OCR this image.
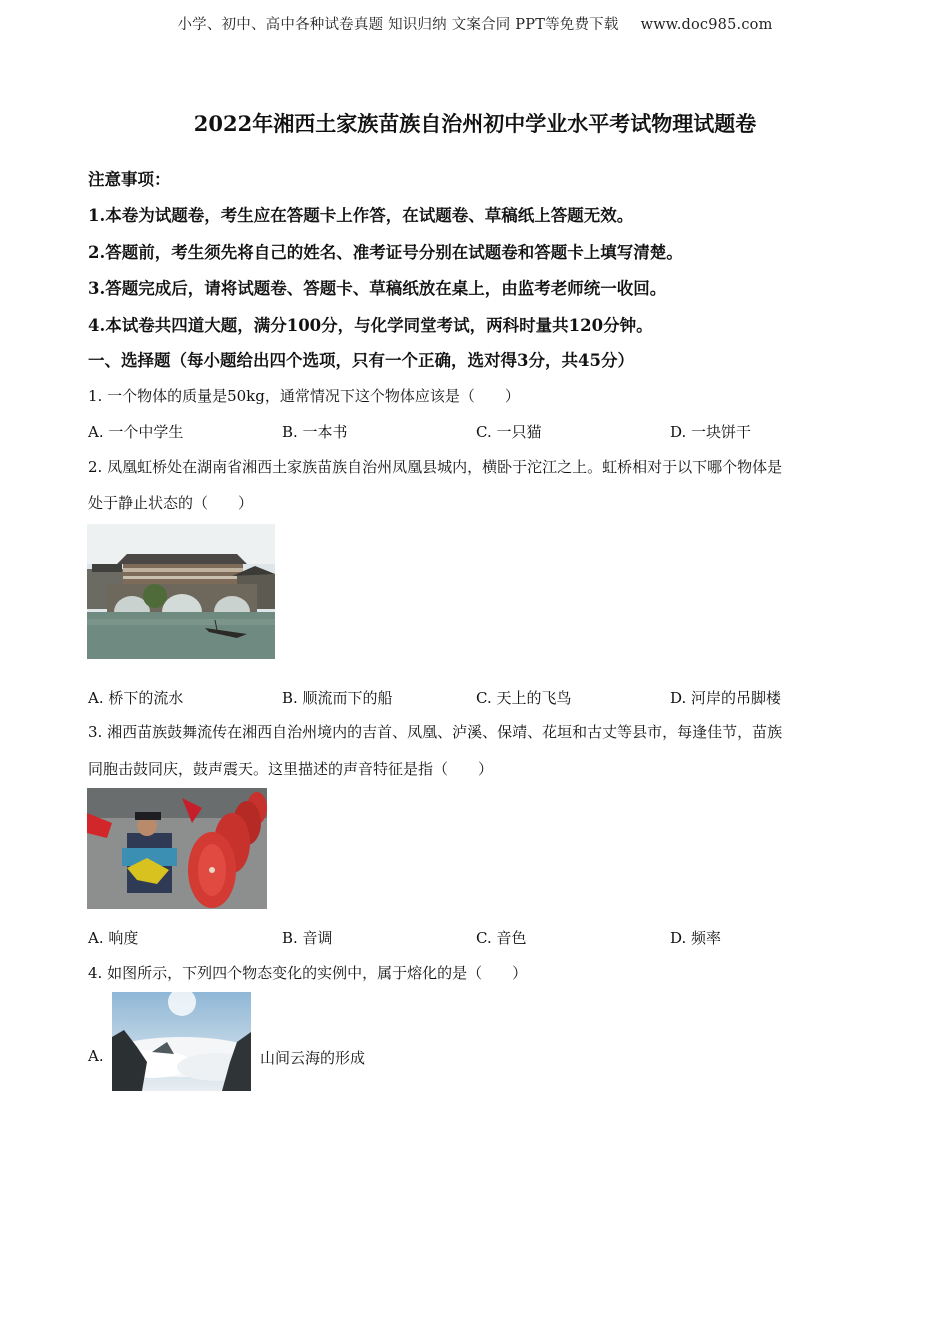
小学、初中、高中各种试卷真题 知识归纳 文案合同 PPT等免费下载 www.doc985.com
2022年湘西土家族苗族自治州初中学业水平考试物理试题卷
注意事项：
1.本卷为试题卷，考生应在答题卡上作答，在试题卷、草稿纸上答题无效。
2.答题前，考生须先将自己的姓名、准考证号分别在试题卷和答题卡上填写清楚。
3.答题完成后，请将试题卷、答题卡、草稿纸放在桌上，由监考老师统一收回。
4.本试卷共四道大题，满分100分，与化学同堂考试，两科时量共120分钟。
一、选择题（每小题给出四个选项，只有一个正确，选对得3分，共45分）
1. 一个物体的质量是50kg，通常情况下这个物体应该是（　　）
A. 一个中学生	B. 一本书	C. 一只猫	D. 一块饼干
2. 凤凰虹桥处在湖南省湘西土家族苗族自治州凤凰县城内，横卧于沱江之上。虹桥相对于以下哪个物体是
处于静止状态的（　　）
A. 桥下的流水	B. 顺流而下的船	C. 天上的飞鸟	D. 河岸的吊脚楼
3. 湘西苗族鼓舞流传在湘西自治州境内的吉首、凤凰、泸溪、保靖、花垣和古丈等县市，每逢佳节，苗族
同胞击鼓同庆，鼓声震天。这里描述的声音特征是指（　　）
A. 响度	B. 音调	C. 音色	D. 频率
4. 如图所示，下列四个物态变化的实例中，属于熔化的是（　　）
A.	山间云海的形成
